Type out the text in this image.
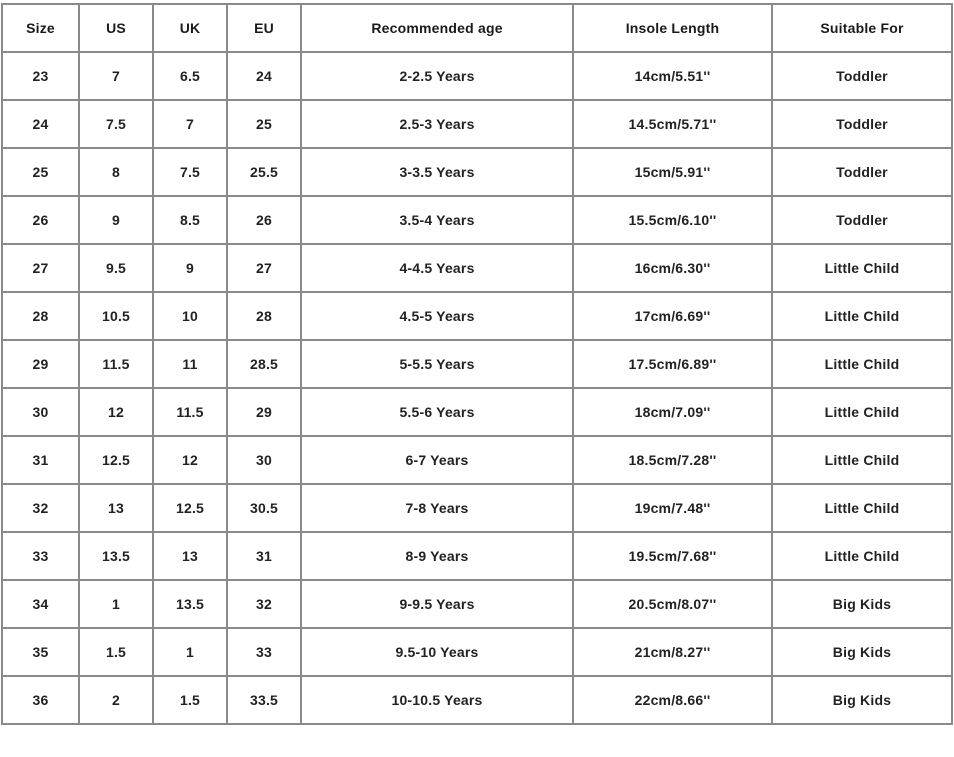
Size	US	UK	EU	Recommended age	Insole Length	Suitable For
23	7	6.5	24	2-2.5 Years	14cm/5.51''	Toddler
24	7.5	7	25	2.5-3 Years	14.5cm/5.71''	Toddler
25	8	7.5	25.5	3-3.5 Years	15cm/5.91''	Toddler
26	9	8.5	26	3.5-4 Years	15.5cm/6.10''	Toddler
27	9.5	9	27	4-4.5 Years	16cm/6.30''	Little Child
28	10.5	10	28	4.5-5 Years	17cm/6.69''	Little Child
29	11.5	11	28.5	5-5.5 Years	17.5cm/6.89''	Little Child
30	12	11.5	29	5.5-6 Years	18cm/7.09''	Little Child
31	12.5	12	30	6-7 Years	18.5cm/7.28''	Little Child
32	13	12.5	30.5	7-8 Years	19cm/7.48''	Little Child
33	13.5	13	31	8-9 Years	19.5cm/7.68''	Little Child
34	1	13.5	32	9-9.5 Years	20.5cm/8.07''	Big Kids
35	1.5	1	33	9.5-10 Years	21cm/8.27''	Big Kids
36	2	1.5	33.5	10-10.5 Years	22cm/8.66''	Big Kids
